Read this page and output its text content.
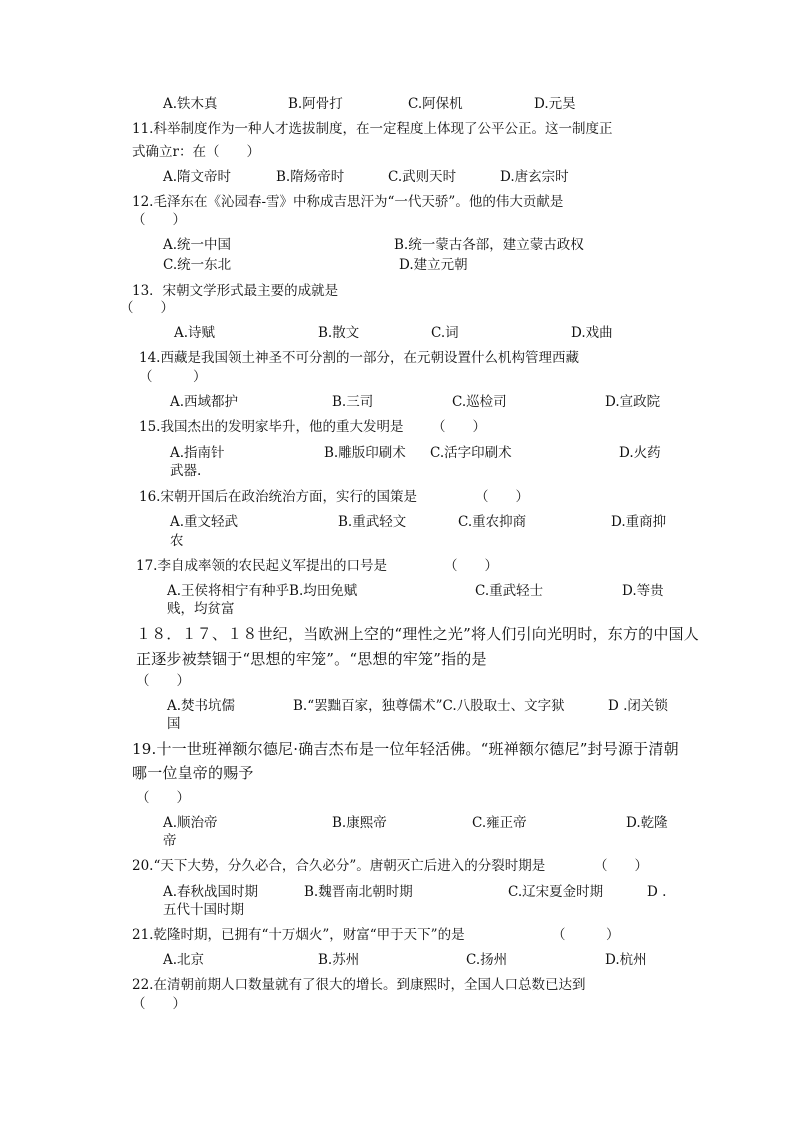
A.铁木真	B.阿骨打	C.阿保机	D.元昊
11.科举制度作为一种人才选拔制度，在一定程度上体现了公平公正。这一制度正
式确立r：在（　　）
A.隋文帝时	B.隋炀帝时	C.武则天时	D.唐玄宗时
12.毛泽东在《沁园春-雪》中称成吉思汗为“一代天骄”。他的伟大贡献是
（　　）
A.统一中国	B.统一蒙古各部，建立蒙古政权
C.统一东北	D.建立元朝
13．宋朝文学形式最主要的成就是
（　　）
A.诗赋	B.散文	C.词	D.戏曲
14.西藏是我国领土神圣不可分割的一部分，在元朝设置什么机构管理西藏
（　　　）
A.西域都护	B.三司	C.巡检司	D.宣政院
15.我国杰出的发明家毕升，他的重大发明是 （　　）
A.指南针	B.雕版印刷术 C.活字印刷术	D.火药
武器.
16.宋朝开国后在政治统治方面，实行的国策是	（　　）
A.重文轻武	B.重武轻文	C.重农抑商	D.重商抑
农
17.李自成率领的农民起义军提出的口号是	（　　）
A.王侯将相宁有种乎B.均田免赋	C.重武轻士	D.等贵
贱，均贫富
１８．１７、１８世纪，当欧洲上空的“理性之光”将人们引向光明时，东方的中国人
正逐步被禁锢于“思想的牢笼”。“思想的牢笼”指的是
（　　）
A.焚书坑儒	B.“罢黜百家，独尊儒术”C.八股取士、文字狱	D .闭关锁
国
19.十一世班禅额尔德尼·确吉杰布是一位年轻活佛。“班禅额尔德尼”封号源于清朝
哪一位皇帝的赐予
（　　）
A.顺治帝	B.康熙帝	C.雍正帝	D.乾隆
帝
20.“天下大势，分久必合，合久必分”。唐朝灭亡后进入的分裂时期是	（　　）
A.春秋战国时期	B.魏晋南北朝时期	C.辽宋夏金时期	D .
五代十国时期
21.乾隆时期，已拥有“十万烟火”，财富“甲于天下”的是	（　　　）
A.北京	B.苏州	C.扬州	D.杭州
22.在清朝前期人口数量就有了很大的增长。到康熙时，全国人口总数已达到
（　　）
